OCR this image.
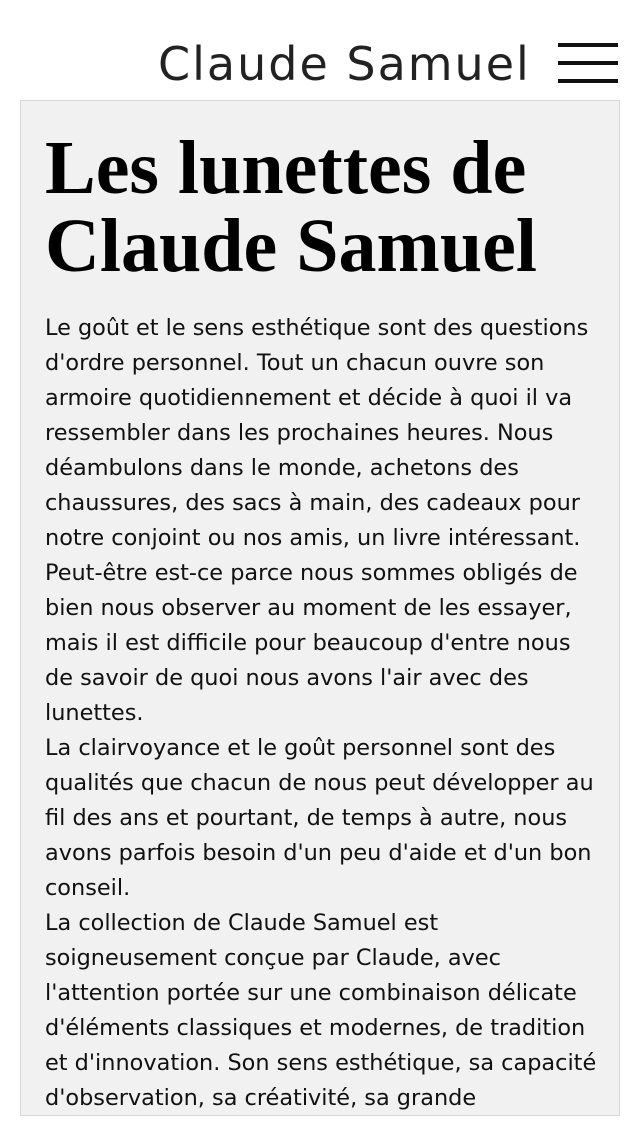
Claude Samuel
Les lunettes de Claude Samuel

Le goût et le sens esthétique sont des questions d'ordre personnel. Tout un chacun ouvre son armoire quotidiennement et décide à quoi il va ressembler dans les prochaines heures. Nous déambulons dans le monde, achetons des chaussures, des sacs à main, des cadeaux pour notre conjoint ou nos amis, un livre intéressant. Peut-être est-ce parce nous sommes obligés de bien nous observer au moment de les essayer, mais il est difficile pour beaucoup d'entre nous de savoir de quoi nous avons l'air avec des lunettes.

La clairvoyance et le goût personnel sont des qualités que chacun de nous peut développer au fil des ans et pourtant, de temps à autre, nous avons parfois besoin d'un peu d'aide et d'un bon conseil.

La collection de Claude Samuel est soigneusement conçue par Claude, avec l'attention portée sur une combinaison délicate d'éléments classiques et modernes, de tradition et d'innovation. Son sens esthétique, sa capacité d'observation, sa créativité, sa grande
